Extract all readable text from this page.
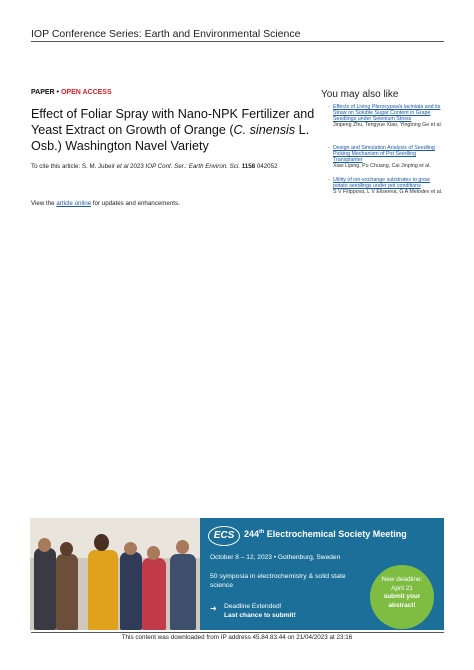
IOP Conference Series: Earth and Environmental Science
PAPER • OPEN ACCESS
Effect of Foliar Spray with Nano-NPK Fertilizer and Yeast Extract on Growth of Orange (C. sinensis L. Osb.) Washington Navel Variety
To cite this article: S. M. Jubeir et al 2023 IOP Conf. Ser.: Earth Environ. Sci. 1158 042052
View the article online for updates and enhancements.
You may also like
- Effects of Living Pterocypsela laciniata and its Straw on Soluble Sugar Content in Grape Seedlings under Selenium Stress
Jinpeng Zhu, Tengyue Xiao, Yingtong Ge et al.
- Design and Simulation Analysis of Seedling Picking Mechanism of Pot Seedling Transplanter
Xiao Liping, Pu Chuang, Cai Jinping et al.
- Utility of ion-exchange substrates to grow potato seedlings under pot conditions
S V Filippova, L V Eliseeva, G A Melodev et al.
ECS	244th Electrochemical Society Meeting
October 8 – 12, 2023 • Gothenburg, Sweden
50 symposia in electrochemistry & solid state science
➜ Deadline Extended!
Last chance to submit!
New deadline:
April 21
submit your abstract!
This content was downloaded from IP address 45.84.83.44 on 21/04/2023 at 23:16
